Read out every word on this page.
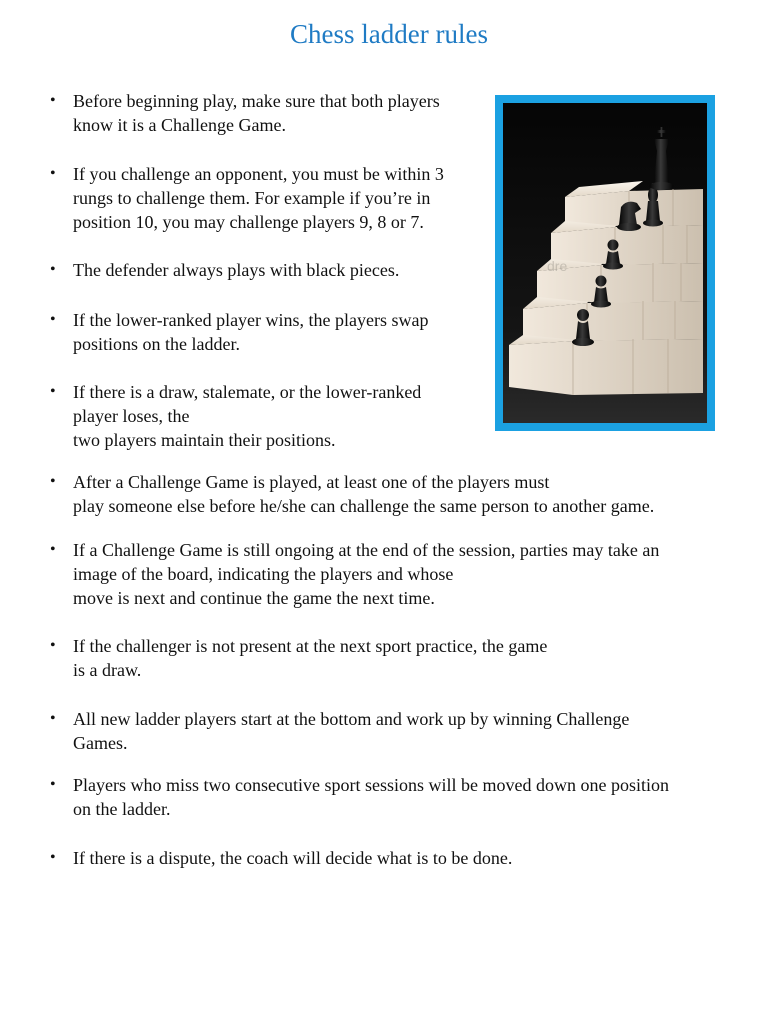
Chess ladder rules
• Before beginning play, make sure that both players
know it is a Challenge Game.
• If you challenge an opponent, you must be within 3
rungs to challenge them. For example if you’re in
position 10, you may challenge players 9, 8 or 7.
• The defender always plays with black pieces.
• If the lower-ranked player wins, the players swap
positions on the ladder.
• If there is a draw, stalemate, or the lower-ranked
player loses, the
two players maintain their positions.
• After a Challenge Game is played, at least one of the players must
play someone else before he/she can challenge the same person to another game.
• If a Challenge Game is still ongoing at the end of the session, parties may take an
image of the board, indicating the players and whose
move is next and continue the game the next time.
• If the challenger is not present at the next sport practice, the game
is a draw.
• All new ladder players start at the bottom and work up by winning Challenge
Games.
• Players who miss two consecutive sport sessions will be moved down one position
on the ladder.
• If there is a dispute, the coach will decide what is to be done.
dre
